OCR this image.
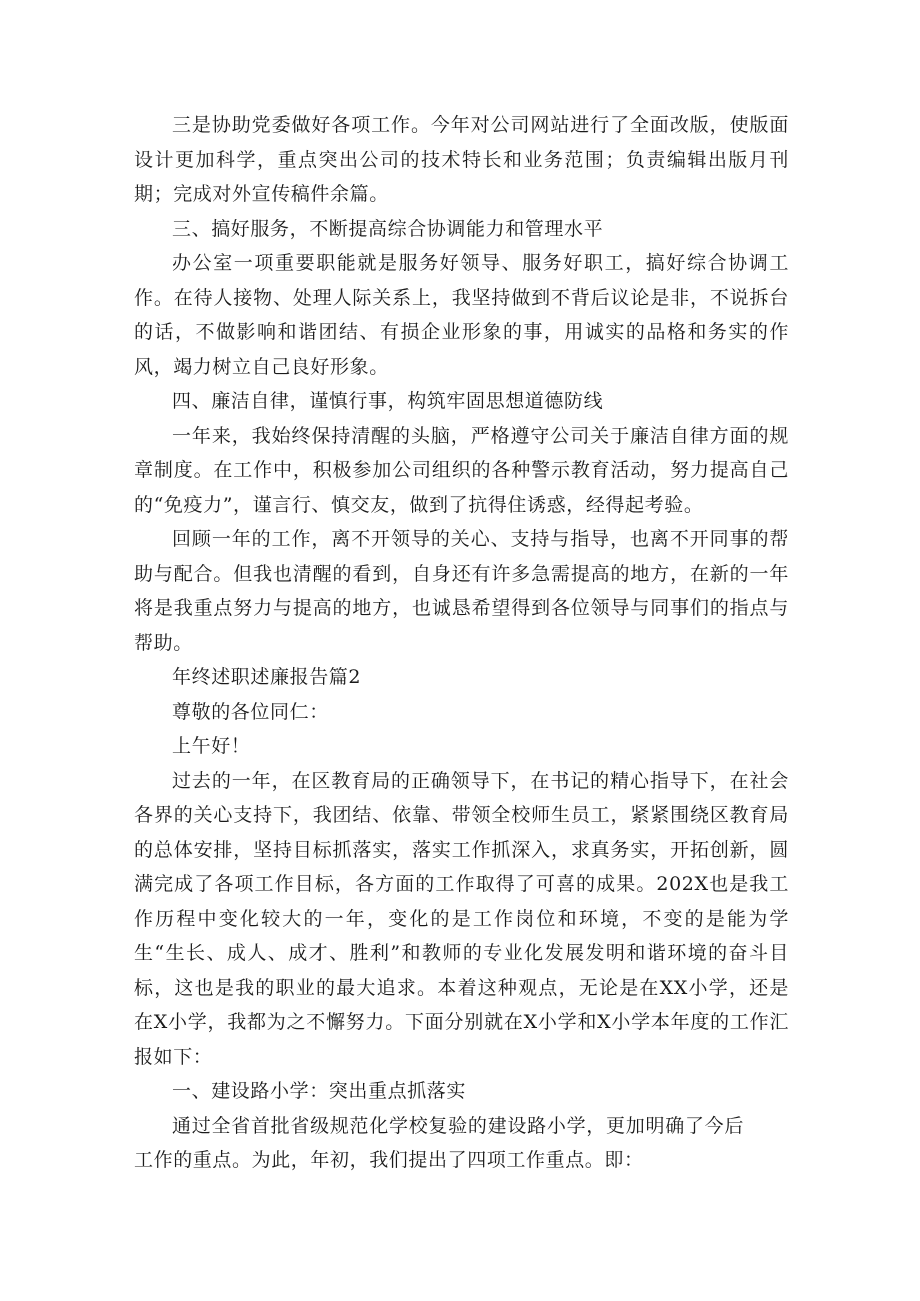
三是协助党委做好各项工作。今年对公司网站进行了全面改版，使版面设计更加科学，重点突出公司的技术特长和业务范围；负责编辑出版月刊期；完成对外宣传稿件余篇。

三、搞好服务，不断提高综合协调能力和管理水平

办公室一项重要职能就是服务好领导、服务好职工，搞好综合协调工作。在待人接物、处理人际关系上，我坚持做到不背后议论是非，不说拆台的话，不做影响和谐团结、有损企业形象的事，用诚实的品格和务实的作风，竭力树立自己良好形象。

四、廉洁自律，谨慎行事，构筑牢固思想道德防线

一年来，我始终保持清醒的头脑，严格遵守公司关于廉洁自律方面的规章制度。在工作中，积极参加公司组织的各种警示教育活动，努力提高自己的“免疫力”，谨言行、慎交友，做到了抗得住诱惑，经得起考验。

回顾一年的工作，离不开领导的关心、支持与指导，也离不开同事的帮助与配合。但我也清醒的看到，自身还有许多急需提高的地方，在新的一年将是我重点努力与提高的地方，也诚恳希望得到各位领导与同事们的指点与帮助。

年终述职述廉报告篇2

尊敬的各位同仁：

上午好！

过去的一年，在区教育局的正确领导下，在书记的精心指导下，在社会各界的关心支持下，我团结、依靠、带领全校师生员工，紧紧围绕区教育局的总体安排，坚持目标抓落实，落实工作抓深入，求真务实，开拓创新，圆满完成了各项工作目标，各方面的工作取得了可喜的成果。202X也是我工作历程中变化较大的一年，变化的是工作岗位和环境，不变的是能为学生“生长、成人、成才、胜利”和教师的专业化发展发明和谐环境的奋斗目标，这也是我的职业的最大追求。本着这种观点，无论是在XX小学，还是在X小学，我都为之不懈努力。下面分别就在X小学和X小学本年度的工作汇报如下：

一、建设路小学：突出重点抓落实

通过全省首批省级规范化学校复验的建设路小学，更加明确了今后工作的重点。为此，年初，我们提出了四项工作重点。即：
